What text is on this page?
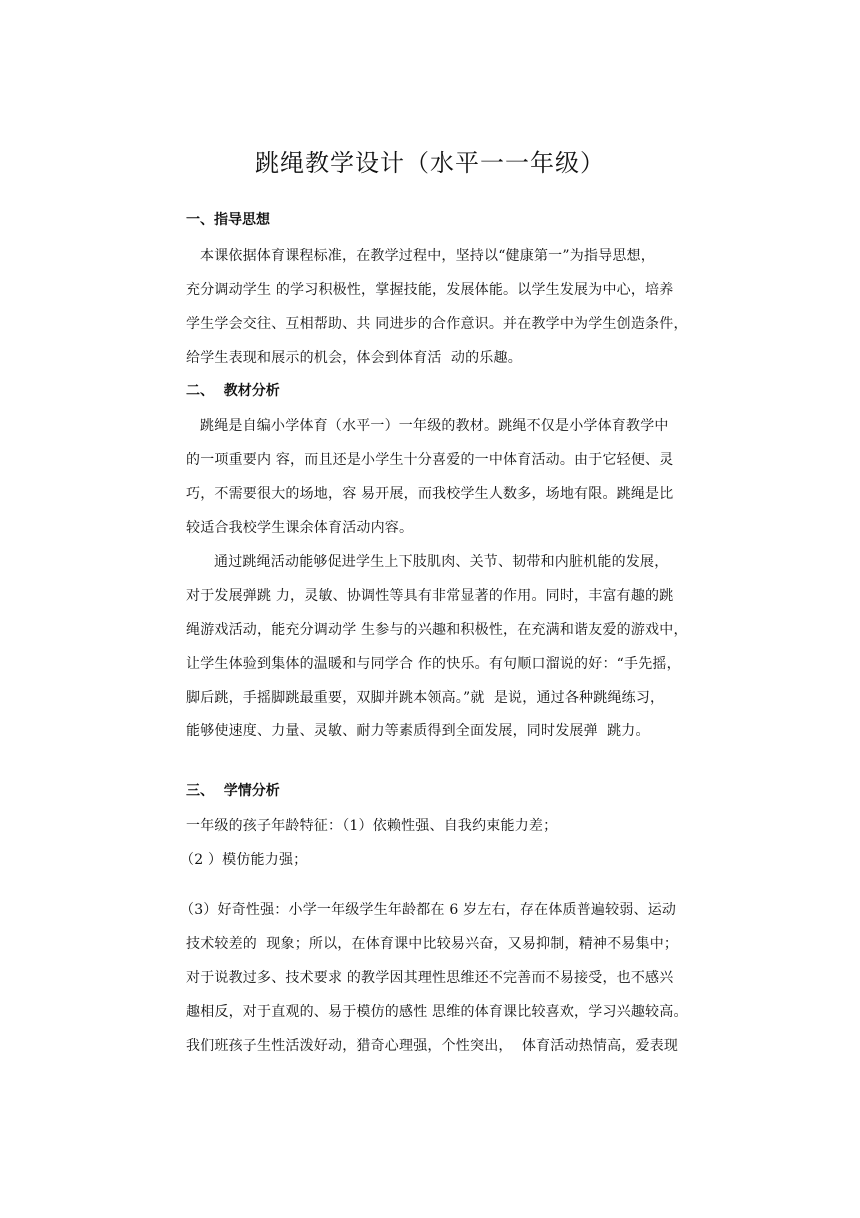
跳绳教学设计（水平一一年级）
一、指导思想
本课依据体育课程标准，在教学过程中，坚持以“健康第一”为指导思想，
充分调动学生 的学习积极性，掌握技能，发展体能。以学生发展为中心，培养
学生学会交往、互相帮助、共 同进步的合作意识。并在教学中为学生创造条件，
给学生表现和展示的机会，体会到体育活  动的乐趣。
二、  教材分析
跳绳是自编小学体育（水平一）一年级的教材。跳绳不仅是小学体育教学中
的一项重要内 容，而且还是小学生十分喜爱的一中体育活动。由于它轻便、灵
巧，不需要很大的场地，容 易开展，而我校学生人数多，场地有限。跳绳是比
较适合我校学生课余体育活动内容。
通过跳绳活动能够促进学生上下肢肌肉、关节、韧带和内脏机能的发展，
对于发展弹跳 力，灵敏、协调性等具有非常显著的作用。同时，丰富有趣的跳
绳游戏活动，能充分调动学 生参与的兴趣和积极性，在充满和谐友爱的游戏中，
让学生体验到集体的温暖和与同学合 作的快乐。有句顺口溜说的好：“手先摇，
脚后跳，手摇脚跳最重要，双脚并跳本领高。”就  是说，通过各种跳绳练习，
能够使速度、力量、灵敏、耐力等素质得到全面发展，同时发展弹  跳力。
三、  学情分析
一年级的孩子年龄特征：（1）依赖性强、自我约束能力差；
（2 ）模仿能力强；
（3）好奇性强：小学一年级学生年龄都在 6 岁左右，存在体质普遍较弱、运动
技术较差的  现象；所以，在体育课中比较易兴奋，又易抑制，精神不易集中；
对于说教过多、技术要求 的教学因其理性思维还不完善而不易接受，也不感兴
趣相反，对于直观的、易于模仿的感性 思维的体育课比较喜欢，学习兴趣较高。
我们班孩子生性活泼好动，猎奇心理强，个性突出，  体育活动热情高，爱表现
